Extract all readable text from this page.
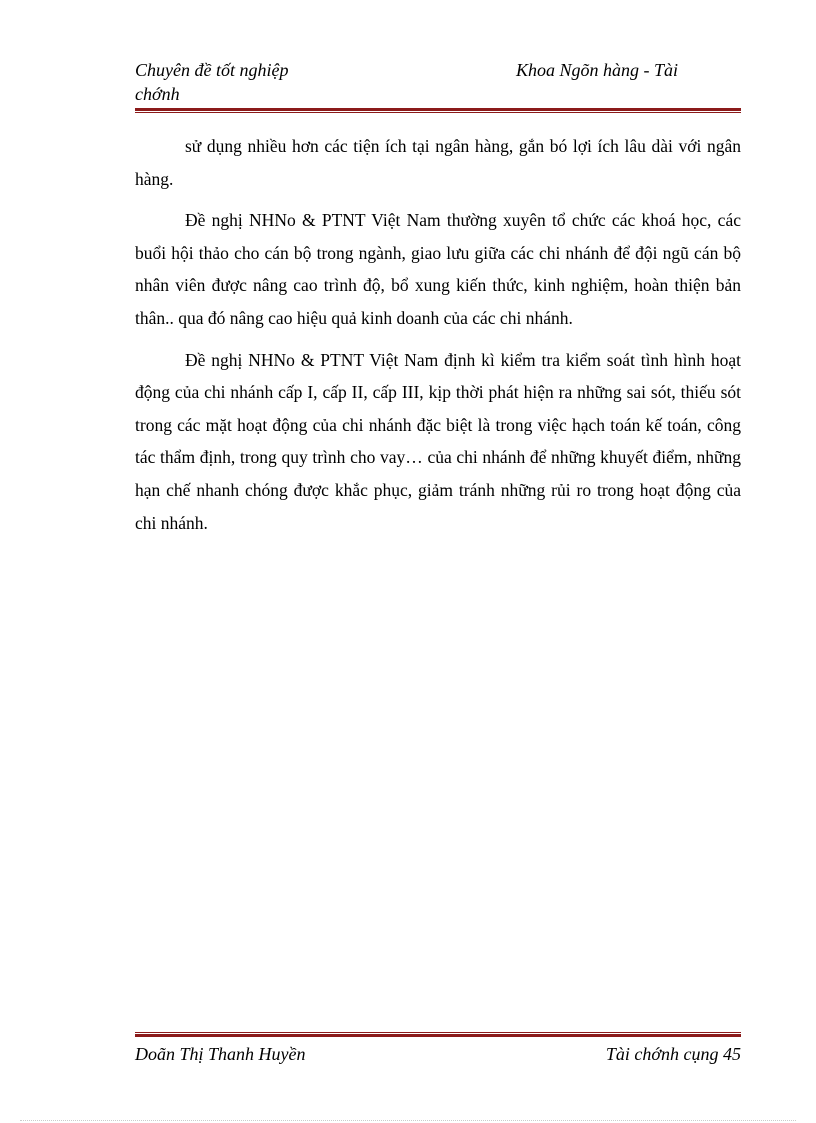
Chuyên đề tốt nghiệp
chớnh
Khoa Ngõn hàng - Tài

sử dụng nhiều hơn các tiện ích tại ngân hàng, gắn bó lợi ích lâu dài với ngân hàng.

Đề nghị NHNo & PTNT Việt Nam thường xuyên tổ chức các khoá học, các buổi hội thảo cho cán bộ trong ngành, giao lưu giữa các chi nhánh để đội ngũ cán bộ nhân viên được nâng cao trình độ, bổ xung kiến thức, kinh nghiệm, hoàn thiện bản thân.. qua đó nâng cao hiệu quả kinh doanh của các chi nhánh.

Đề nghị NHNo & PTNT Việt Nam định kì kiểm tra kiểm soát tình hình hoạt động của chi nhánh cấp I, cấp II, cấp III, kịp thời phát hiện ra những sai sót, thiếu sót trong các mặt hoạt động của chi nhánh đặc biệt là trong việc hạch toán kế toán, công tác thẩm định, trong quy trình cho vay… của chi nhánh để những khuyết điểm, những hạn chế nhanh chóng được khắc phục, giảm tránh những rủi ro trong hoạt động của chi nhánh.

Doãn Thị Thanh Huyền	Tài chớnh cụng 45
